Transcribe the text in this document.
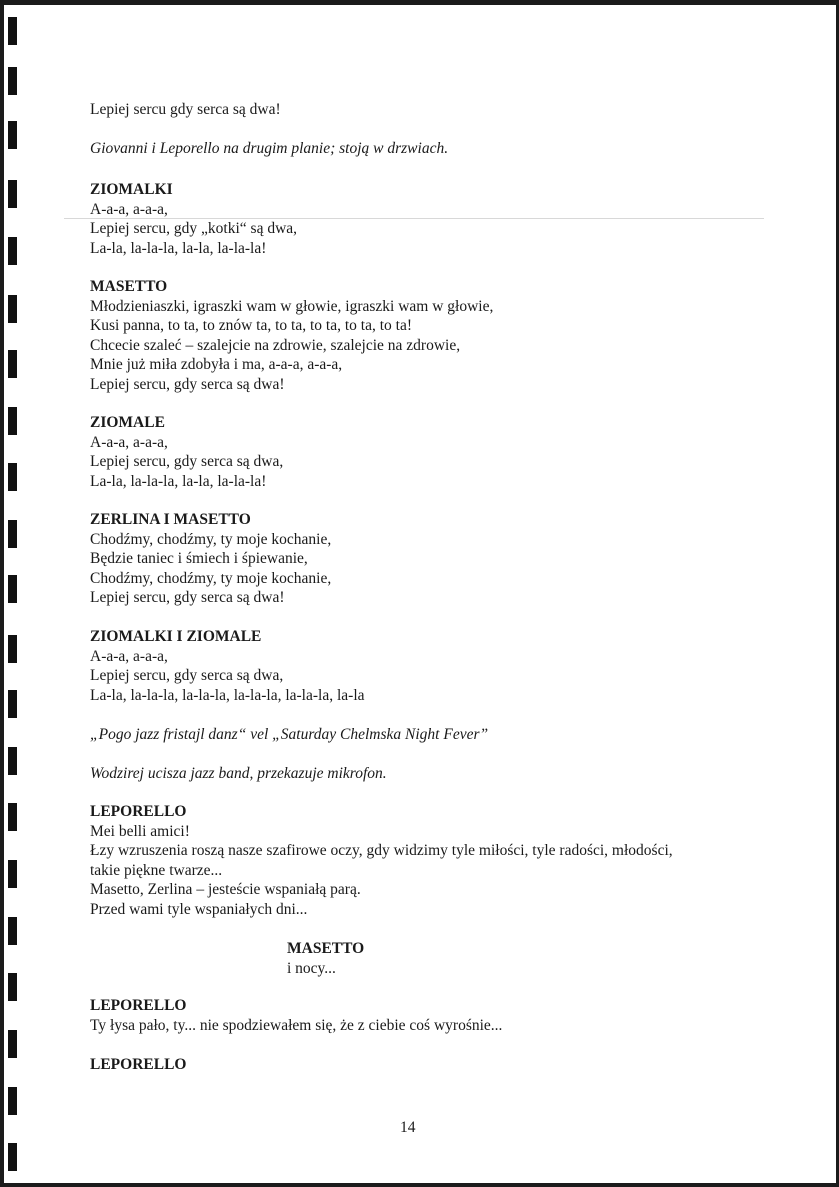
Lepiej sercu gdy serca są dwa!
Giovanni i Leporello na drugim planie; stoją w drzwiach.
ZIOMALKI
A-a-a, a-a-a,
Lepiej sercu, gdy „kotki“ są dwa,
La-la, la-la-la, la-la, la-la-la!
MASETTO
Młodzieniaszki, igraszki wam w głowie, igraszki wam w głowie,
Kusi panna, to ta, to znów ta, to ta, to ta, to ta, to ta!
Chcecie szaleć – szalejcie na zdrowie, szalejcie na zdrowie,
Mnie już miła zdobyła i ma, a-a-a, a-a-a,
Lepiej sercu, gdy serca są dwa!
ZIOMALE
A-a-a, a-a-a,
Lepiej sercu, gdy serca są dwa,
La-la, la-la-la, la-la, la-la-la!
ZERLINA I MASETTO
Chodźmy, chodźmy, ty moje kochanie,
Będzie taniec i śmiech i śpiewanie,
Chodźmy, chodźmy, ty moje kochanie,
Lepiej sercu, gdy serca są dwa!
ZIOMALKI I ZIOMALE
A-a-a, a-a-a,
Lepiej sercu, gdy serca są dwa,
La-la, la-la-la, la-la-la, la-la-la, la-la-la, la-la
„Pogo jazz fristajl danz“ vel „Saturday Chelmska Night Fever”
Wodzirej ucisza jazz band, przekazuje mikrofon.
LEPORELLO
Mei belli amici!
Łzy wzruszenia roszą nasze szafirowe oczy, gdy widzimy tyle miłości, tyle radości, młodości,
takie piękne twarze...
Masetto, Zerlina – jesteście wspaniałą parą.
Przed wami tyle wspaniałych dni...
MASETTO
i nocy...
LEPORELLO
Ty łysa pało, ty... nie spodziewałem się, że z ciebie coś wyrośnie...
LEPORELLO
14
